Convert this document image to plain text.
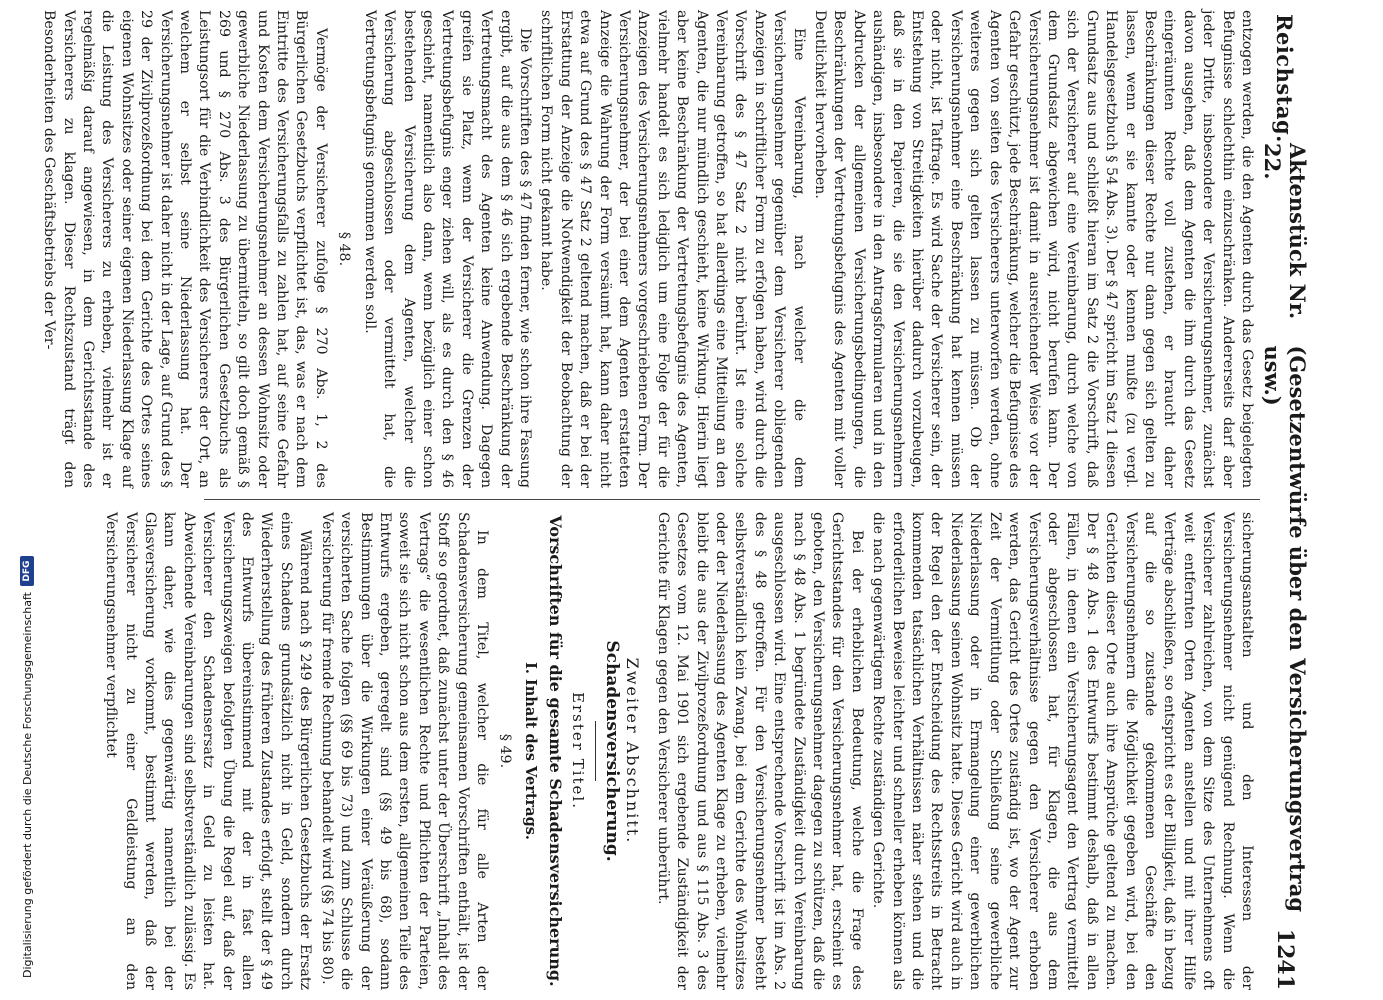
Reichstag.
Aktenstück Nr. 22.
(Gesetzentwürfe über den Versicherungsvertrag usw.)
1241

entzogen werden, die den Agenten durch das Gesetz beigelegten Befugnisse schlechthin einzuschränken. Andererseits darf aber jeder Dritte, insbesondere der Versicherungsnehmer, zunächst davon ausgehen, daß dem Agenten die ihm durch das Gesetz eingeräumten Rechte voll zustehen, er braucht daher Beschränkungen dieser Rechte nur dann gegen sich gelten zu lassen, wenn er sie kannte oder kennen mußte (zu vergl. Handelsgesetzbuch § 54 Abs. 3). Der § 47 spricht im Satz 1 diesen Grundsatz aus und schließt hieran im Satz 2 die Vorschrift, daß sich der Versicherer auf eine Vereinbarung, durch welche von dem Grundsatz abgewichen wird, nicht berufen kann. Der Versicherungsnehmer ist damit in ausreichender Weise vor der Gefahr geschützt, jede Beschränkung, welcher die Befugnisse des Agenten von seiten des Versicherers unterworfen werden, ohne weiteres gegen sich gelten lassen zu müssen. Ob der Versicherungsnehmer eine Beschränkung hat kennen müssen oder nicht, ist Tatfrage. Es wird Sache der Versicherer sein, der Entstehung von Streitigkeiten hierüber dadurch vorzubeugen, daß sie in den Papieren, die sie den Versicherungsnehmern aushändigen, insbesondere in den Antragsformularen und in den Abdrucken der allgemeinen Versicherungsbedingungen, die Beschränkungen der Vertretungsbefugnis des Agenten mit voller Deutlichkeit hervorheben.

Eine Vereinbarung, nach welcher die dem Versicherungsnehmer gegenüber dem Versicherer obliegenden Anzeigen in schriftlicher Form zu erfolgen haben, wird durch die Vorschrift des § 47 Satz 2 nicht berührt. Ist eine solche Vereinbarung getroffen, so hat allerdings eine Mitteilung an den Agenten, die nur mündlich geschieht, keine Wirkung. Hierin liegt aber keine Beschränkung der Vertretungsbefugnis des Agenten, vielmehr handelt es sich lediglich um eine Folge der für die Anzeigen des Versicherungsnehmers vorgeschriebenen Form. Der Versicherungsnehmer, der bei einer dem Agenten erstatteten Anzeige die Wahrung der Form versäumt hat, kann daher nicht etwa auf Grund des § 47 Satz 2 geltend machen, daß er bei der Erstattung der Anzeige die Notwendigkeit der Beobachtung der schriftlichen Form nicht gekannt habe.

Die Vorschriften des § 47 finden ferner, wie schon ihre Fassung ergibt, auf die aus dem § 46 sich ergebende Beschränkung der Vertretungsmacht des Agenten keine Anwendung. Dagegen greifen sie Platz, wenn der Versicherer die Grenzen der Vertretungsbefugnis enger ziehen will, als es durch den § 46 geschieht, namentlich also dann, wenn bezüglich einer schon bestehenden Versicherung dem Agenten, welcher die Versicherung abgeschlossen oder vermittelt hat, die Vertretungsbefugnis genommen werden soll.

§ 48.

Vermöge der Versicherer zufolge § 270 Abs. 1, 2 des Bürgerlichen Gesetzbuchs verpflichtet ist, das, was er nach dem Eintritte des Versicherungsfalls zu zahlen hat, auf seine Gefahr und Kosten dem Versicherungsnehmer an dessen Wohnsitz oder gewerbliche Niederlassung zu übermitteln, so gilt doch gemäß § 269 und § 270 Abs. 3 des Bürgerlichen Gesetzbuchs als Leistungsort für die Verbindlichkeit des Versicherers der Ort, an welchem er selbst seine Niederlassung hat. Der Versicherungsnehmer ist daher nicht in der Lage, auf Grund des § 29 der Zivilprozeßordnung bei dem Gerichte des Ortes seines eigenen Wohnsitzes oder seiner eigenen Niederlassung Klage auf die Leistung des Versicherers zu erheben, vielmehr ist er regelmäßig darauf angewiesen, in dem Gerichtsstande des Versicherers zu klagen. Dieser Rechtszustand trägt den Besonderheiten des Geschäftsbetriebs der Ver-

sicherungsanstalten und den Interessen der Versicherungsnehmer nicht genügend Rechnung. Wenn die Versicherer zahlreichen, von dem Sitze des Unternehmens oft weit entfernten Orten Agenten anstellen und mit ihrer Hilfe Verträge abschließen, so entspricht es der Billigkeit, daß in bezug auf die so zustande gekommenen Geschäfte den Versicherungsnehmern die Möglichkeit gegeben wird, bei den Gerichten dieser Orte auch ihre Ansprüche geltend zu machen. Der § 48 Abs. 1 des Entwurfs bestimmt deshalb, daß in allen Fällen, in denen ein Versicherungsagent den Vertrag vermittelt oder abgeschlossen hat, für Klagen, die aus dem Versicherungsverhältnisse gegen den Versicherer erhoben werden, das Gericht des Ortes zuständig ist, wo der Agent zur Zeit der Vermittlung oder Schließung seine gewerbliche Niederlassung oder in Ermangelung einer gewerblichen Niederlassung seinen Wohnsitz hatte. Dieses Gericht wird auch in der Regel den der Entscheidung des Rechtsstreits in Betracht kommenden tatsächlichen Verhältnissen näher stehen und die erforderlichen Beweise leichter und schneller erheben können als die nach gegenwärtigem Rechte zuständigen Gerichte.

Bei der erheblichen Bedeutung, welche die Frage des Gerichtsstandes für den Versicherungsnehmer hat, erscheint es geboten, den Versicherungsnehmer dagegen zu schützen, daß die nach § 48 Abs. 1 begründete Zuständigkeit durch Vereinbarung ausgeschlossen wird. Eine entsprechende Vorschrift ist im Abs. 2 des § 48 getroffen. Für den Versicherungsnehmer besteht selbstverständlich kein Zwang, bei dem Gerichte des Wohnsitzes oder der Niederlassung des Agenten Klage zu erheben, vielmehr bleibt die aus der Zivilprozeßordnung und aus § 115 Abs. 3 des Gesetzes vom 12. Mai 1901 sich ergebende Zuständigkeit der Gerichte für Klagen gegen den Versicherer unberührt.

Zweiter Abschnitt.
Schadensversicherung.
Erster Titel.
Vorschriften für die gesamte Schadensversicherung.
I. Inhalt des Vertrags.
§ 49.

In dem Titel, welcher die für alle Arten der Schadensversicherung gemeinsamen Vorschriften enthält, ist der Stoff so geordnet, daß zunächst unter der Überschrift „Inhalt des Vertrags“ die wesentlichen Rechte und Pflichten der Parteien, soweit sie sich nicht schon aus dem ersten, allgemeinen Teile des Entwurfs ergeben, geregelt sind (§§ 49 bis 68), sodann Bestimmungen über die Wirkungen einer Veräußerung der versicherten Sache folgen (§§ 69 bis 73) und zum Schlusse die Versicherung für fremde Rechnung behandelt wird (§§ 74 bis 80).

Während nach § 249 des Bürgerlichen Gesetzbuchs der Ersatz eines Schadens grundsätzlich nicht in Geld, sondern durch Wiederherstellung des früheren Zustandes erfolgt, stellt der § 49 des Entwurfs übereinstimmend mit der in fast allen Versicherungszweigen befolgten Übung die Regel auf, daß der Versicherer den Schadensersatz in Geld zu leisten hat. Abweichende Vereinbarungen sind selbstverständlich zulässig. Es kann daher, wie dies gegenwärtig namentlich bei der Glasversicherung vorkommt, bestimmt werden, daß der Versicherer nicht zu einer Geldleistung an den Versicherungsnehmer verpflichtet

Digitalisierung gefördert durch die Deutsche Forschungsgemeinschaft
DFG
